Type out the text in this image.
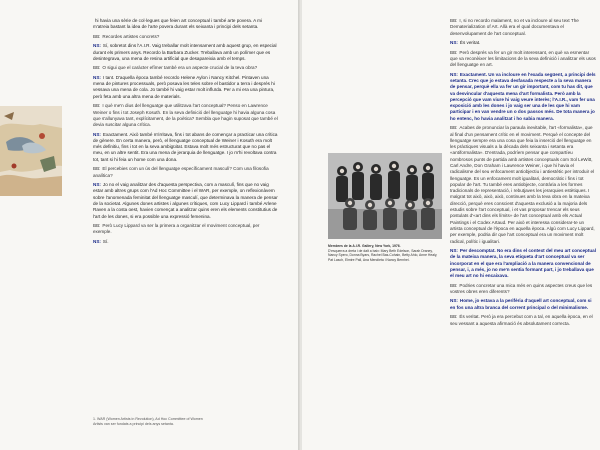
hi havia una sèrie de col·legues que feien art conceptual i també arte povera. A mi m'atreia bastant la idea de l'arte povera durant els seixanta i principi dels setanta.

BB: Recordes artistes concrets?

NS: Sí, sobretot dins l'A.I.R. Vaig treballar molt intensament amb aquest grup, en especial durant els primers anys. Recordo la Barbara Zucker. Treballava amb un polímer que es desintegrava, una mena de resina artificial que desapareixia amb el temps.

BB: O sigui que el caràcter efímer també era un aspecte crucial de la teva obra?

NS: I tant. D'aquella època també recordo Helene Aylon i Nancy Kitchel. Pintaven una mena de pintures processuals, però posava les teles sobre el bastidor a terra i després hi vessava una mena de cola. Jo també hi vaig estar molt influïda. Per a mi era una pintura, però feta amb una altra mena de materials.

BB: I què me'n dius del llenguatge que utilitzava l'art conceptual? Penso en Lawrence Weiner o fins i tot Joseph Kosuth. En la seva definició del llenguatge hi havia alguna cosa que s'allunyava tant, explícitament, de la poètica? Sembla que hagin suposat que també el devia suscitar alguna crítica.

NS: Exactament. Això també m'irritava, fins i tot abans de començar a practicar una crítica de gènere. En certa manera, però, el llenguatge conceptual de Weiner i Kosuth era molt més definitiu, fins i tot en la seva ambigüitat. Estava molt més estructurat que no pas el meu, en un altre sentit. Era una mena de jerarquia de llenguatge. I jo m'hi revoltava contra tot, tant si hi feia un home com una dona.

BB: El percebies com un ús del llenguatge específicament masculí? Com una filosofia analítica?

NS: Jo no el vaig analitzar des d'aquesta perspectiva, com a masculí, fins que no vaig estar amb altres grups com l'Ad Hoc Committee i el WAR, per exemple, on reflexionàvem sobre l'anomenada feminitat del llenguatge masculí, que determinava la manera de pensar de la societat. Algunes dones artistes i algunes crítiques, com Lucy Lippard i també Arlene Raven a la costa oest, havien començat a analitzar quins eren els elements constitutius de l'art de les dones, si era possible una expressió femenina.

BB: Però Lucy Lippard va ser la primera a organitzar el moviment conceptual, per exemple.

NS: Sí.

1. WAR (Women Artists in Revolution), Ad Hoc Committee of Women Artists van ser fundats a principi dels anys setanta.
Membres de la A.I.R. Gallery, New York, 1976.
D'esquerra a dreta i de dalt a baix: Mary Beth Edelson, Sarah Draney, Nancy Spero, Donna Byars, Rachel Bas-Cohain, Betty Ahlo, Anne Healy, Pat Lasch, Elmire Pall, Ana Mendieta i Nancy Bernhei.

BB: I, si no recordo malament, no et va incloure al seu text The Dematerialization of Art. Allà era el qual documentava el desenvolupament de l'art conceptual.

NS: És veritat.

BB: Però després va fer un gir molt interessant, en què va esmentar que va reconèixer les limitacions de la seva definició i analitzar els usos del llenguatge en art.

NS: Exactament. Un va incloure en l'exada següent, a principi dels setanta. Crec que jo estava desfasada respecte a la seva manera de pensar, perquè ella va fer un gir important, com tu has dit, que va desvincular d'aquesta mena d'art formalista. Però amb la percepció que vam viure hi vaig veure interès; l'A.I.R., vam fer una exposició amb les dones i jo vaig ser una de les que hi vam participar i en van vendre un o dos passos més. De tota manera jo ho entenc, ho havia analitzat i ho sabia manera.

BB: Acabes de pronunciar la paraula inevitable, l'art «formalista», que al final d'un pensament crític en el moviment. Perquè el concepte del llenguatge sempre era una cosa que feia la inserció del llenguatge en les pràctiques visuals a la dècada dels seixanta i setanta era «antiformalista». D'entrada, podríem pensar que compartíeu nombrosos punts de partida amb artistes conceptuals com Sol LeWitt, Carl Andre, Don Graham i Lawrence Weiner, i que hi havia el radicalisme del seu enfocament antiobjectiu i antiestètic per introduir el llenguatge. Es un enfocament molt igualitari, democràtic i fins i tot popular de l'art. Tu també eres antiobjecte, contrària a les formes tradicionals de representació, i rebutjaves les jerarquies estètiques. I malgrat tot això, això, això, continues amb la teva obra en la mateixa direcció, perquè eres conscient d'aquesta exclusió a la majoria dels estudis sobre l'art conceptual, i et vas proposar trencar els seus postulats d'«art dins els límits» de l'art conceptual amb els Actual Paintings i el Codex Artaud. Per això et interessa considerar-te un artista conceptual de l'època en aquella època. Algú com Lucy Lippard, per exemple, podria dir que l'art conceptual era un moviment molt radical, polític i igualitari.

NS: Per descomptat. No era dins el context del meu art conceptual de la mateixa manera, la seva etiqueta d'art conceptual va ser incorporat en el que era l'ampliació a la manera convencional de pensar, i, a més, jo no me'n sentia formant part, i jo treballava que el meu art no hi encaixava.

BB: Podries concretar una mica més en quins aspectes creus que les vostres obres eren diferents?

NS: Home, jo estava a la perifèria d'aquell art conceptual, com si en fos una altra branca del corrent principal o del minimalisme.

BB: És veritat. Però ja era percebut com a tal, en aquella època, en el seu vessant a aquesta afirmació és absolutament correcta.
